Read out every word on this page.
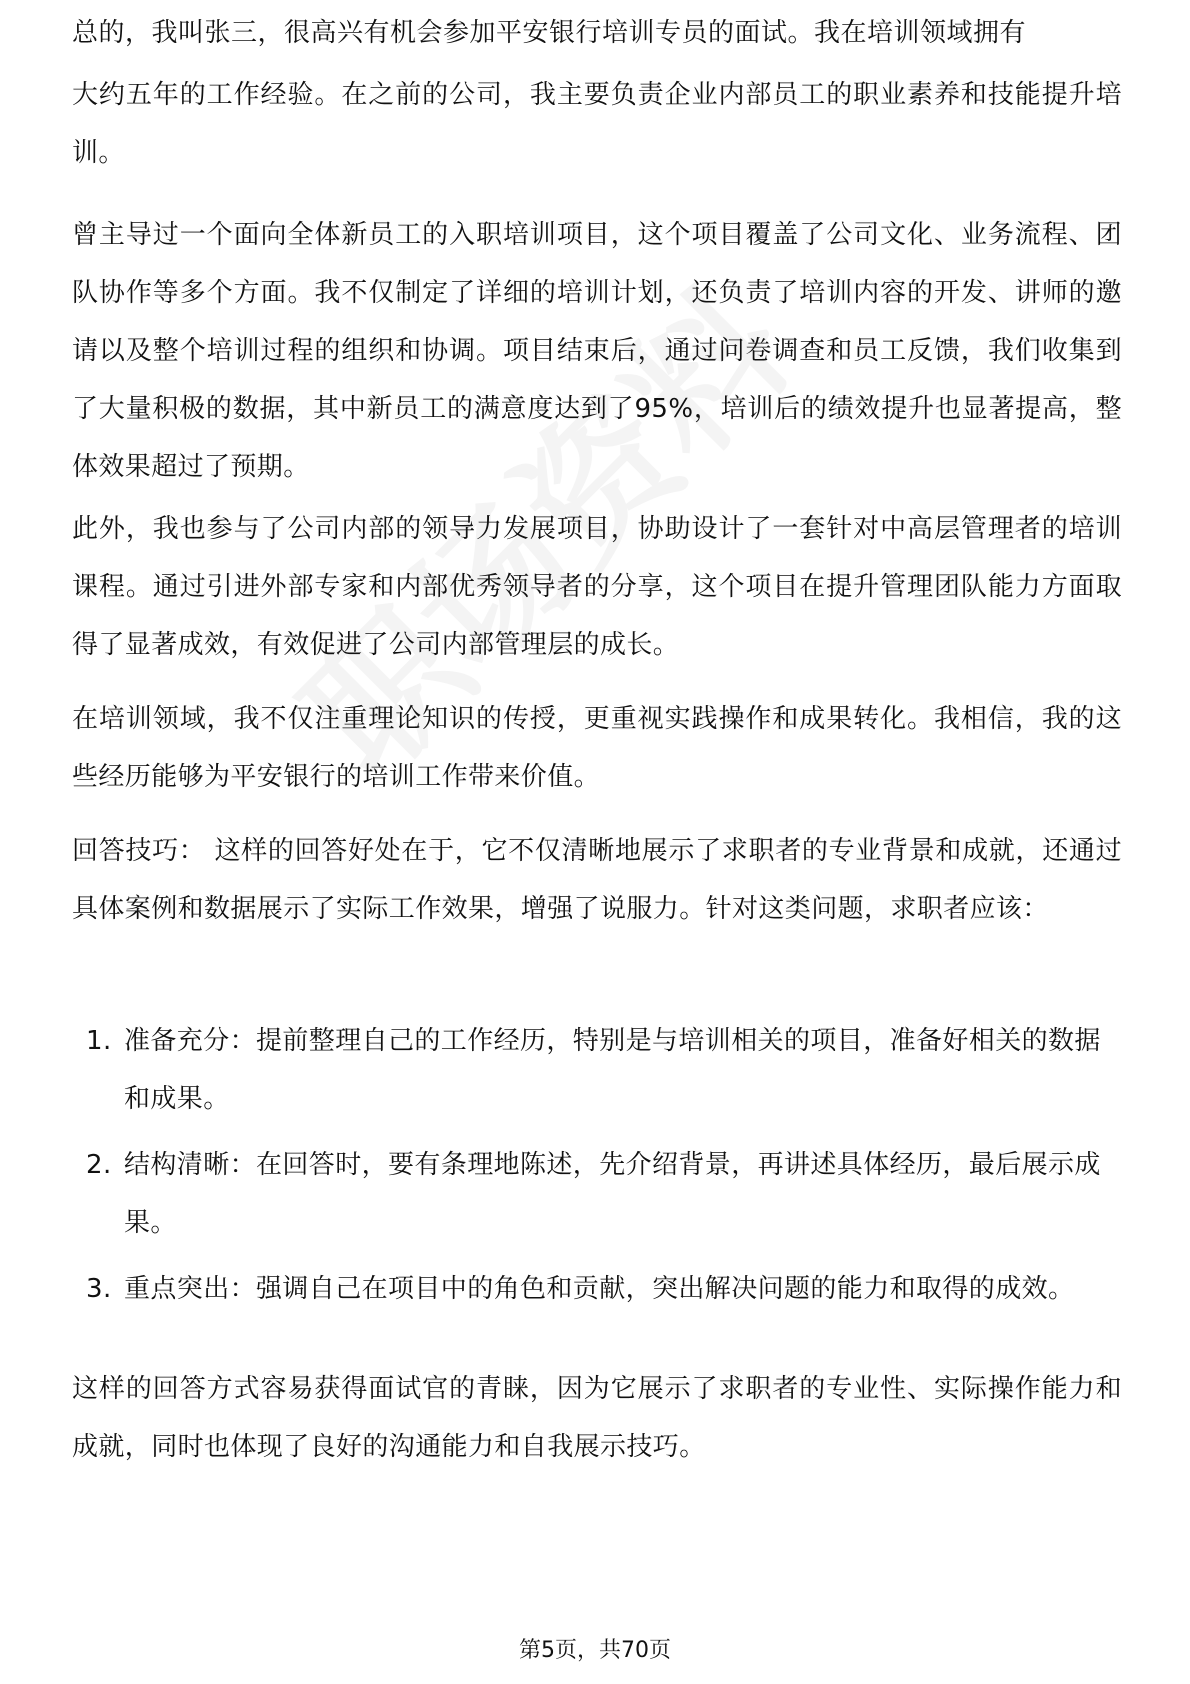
总的，我叫张三，很高兴有机会参加平安银行培训专员的面试。我在培训领域拥有

大约五年的工作经验。在之前的公司，我主要负责企业内部员工的职业素养和技能提升培训。

曾主导过一个面向全体新员工的入职培训项目，这个项目覆盖了公司文化、业务流程、团队协作等多个方面。我不仅制定了详细的培训计划，还负责了培训内容的开发、讲师的邀请以及整个培训过程的组织和协调。项目结束后，通过问卷调查和员工反馈，我们收集到了大量积极的数据，其中新员工的满意度达到了95%，培训后的绩效提升也显著提高，整体效果超过了预期。

此外，我也参与了公司内部的领导力发展项目，协助设计了一套针对中高层管理者的培训课程。通过引进外部专家和内部优秀领导者的分享，这个项目在提升管理团队能力方面取得了显著成效，有效促进了公司内部管理层的成长。

在培训领域，我不仅注重理论知识的传授，更重视实践操作和成果转化。我相信，我的这些经历能够为平安银行的培训工作带来价值。

回答技巧： 这样的回答好处在于，它不仅清晰地展示了求职者的专业背景和成就，还通过具体案例和数据展示了实际工作效果，增强了说服力。针对这类问题，求职者应该：

1. 准备充分：提前整理自己的工作经历，特别是与培训相关的项目，准备好相关的数据和成果。
2. 结构清晰：在回答时，要有条理地陈述，先介绍背景，再讲述具体经历，最后展示成果。
3. 重点突出：强调自己在项目中的角色和贡献，突出解决问题的能力和取得的成效。

这样的回答方式容易获得面试官的青睐，因为它展示了求职者的专业性、实际操作能力和成就，同时也体现了良好的沟通能力和自我展示技巧。

第5页，共70页
